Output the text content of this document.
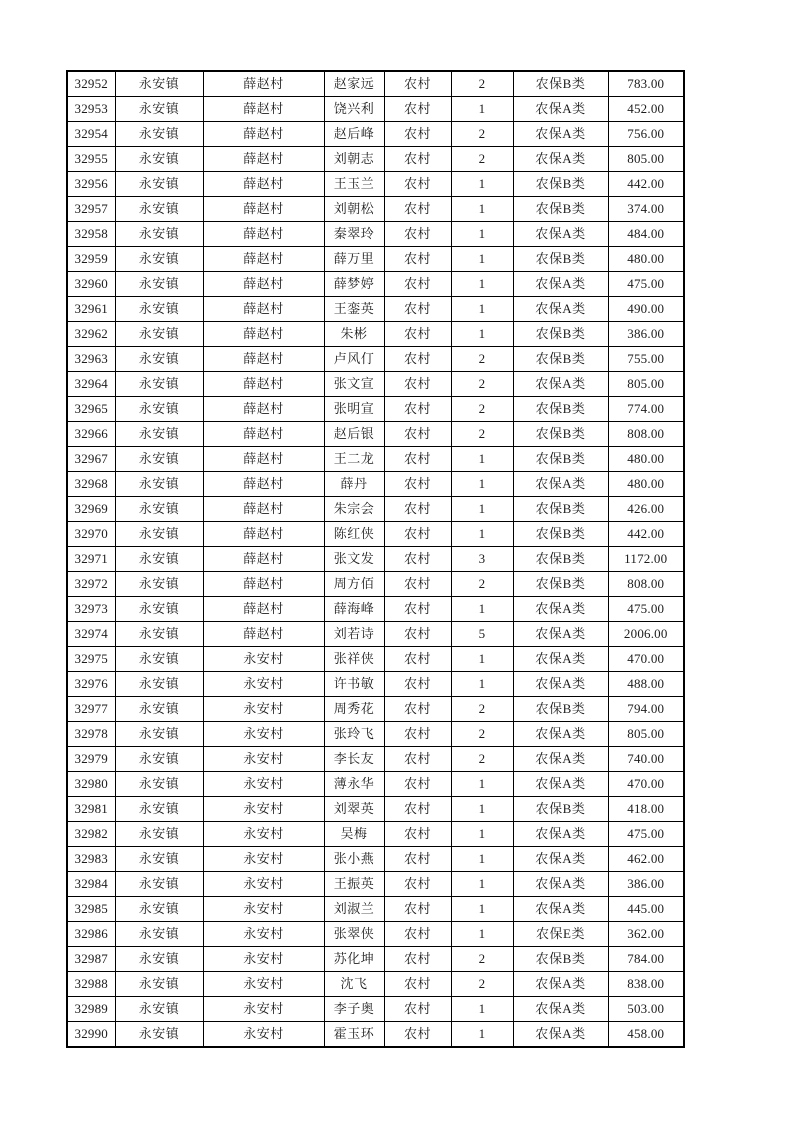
32952	永安镇	薛赵村	赵家远	农村	2	农保B类	783.00
32953	永安镇	薛赵村	饶兴利	农村	1	农保A类	452.00
32954	永安镇	薛赵村	赵后峰	农村	2	农保A类	756.00
32955	永安镇	薛赵村	刘朝志	农村	2	农保A类	805.00
32956	永安镇	薛赵村	王玉兰	农村	1	农保B类	442.00
32957	永安镇	薛赵村	刘朝松	农村	1	农保B类	374.00
32958	永安镇	薛赵村	秦翠玲	农村	1	农保A类	484.00
32959	永安镇	薛赵村	薛万里	农村	1	农保B类	480.00
32960	永安镇	薛赵村	薛梦婷	农村	1	农保A类	475.00
32961	永安镇	薛赵村	王銮英	农村	1	农保A类	490.00
32962	永安镇	薛赵村	朱彬	农村	1	农保B类	386.00
32963	永安镇	薛赵村	卢风仃	农村	2	农保B类	755.00
32964	永安镇	薛赵村	张文宣	农村	2	农保A类	805.00
32965	永安镇	薛赵村	张明宣	农村	2	农保B类	774.00
32966	永安镇	薛赵村	赵后银	农村	2	农保B类	808.00
32967	永安镇	薛赵村	王二龙	农村	1	农保B类	480.00
32968	永安镇	薛赵村	薛丹	农村	1	农保A类	480.00
32969	永安镇	薛赵村	朱宗会	农村	1	农保B类	426.00
32970	永安镇	薛赵村	陈红侠	农村	1	农保B类	442.00
32971	永安镇	薛赵村	张文发	农村	3	农保B类	1172.00
32972	永安镇	薛赵村	周方佰	农村	2	农保B类	808.00
32973	永安镇	薛赵村	薛海峰	农村	1	农保A类	475.00
32974	永安镇	薛赵村	刘若诗	农村	5	农保A类	2006.00
32975	永安镇	永安村	张祥侠	农村	1	农保A类	470.00
32976	永安镇	永安村	许书敏	农村	1	农保A类	488.00
32977	永安镇	永安村	周秀花	农村	2	农保B类	794.00
32978	永安镇	永安村	张玲飞	农村	2	农保A类	805.00
32979	永安镇	永安村	李长友	农村	2	农保A类	740.00
32980	永安镇	永安村	薄永华	农村	1	农保A类	470.00
32981	永安镇	永安村	刘翠英	农村	1	农保B类	418.00
32982	永安镇	永安村	吴梅	农村	1	农保A类	475.00
32983	永安镇	永安村	张小燕	农村	1	农保A类	462.00
32984	永安镇	永安村	王振英	农村	1	农保A类	386.00
32985	永安镇	永安村	刘淑兰	农村	1	农保A类	445.00
32986	永安镇	永安村	张翠侠	农村	1	农保E类	362.00
32987	永安镇	永安村	苏化坤	农村	2	农保B类	784.00
32988	永安镇	永安村	沈飞	农村	2	农保A类	838.00
32989	永安镇	永安村	李子奥	农村	1	农保A类	503.00
32990	永安镇	永安村	霍玉环	农村	1	农保A类	458.00
